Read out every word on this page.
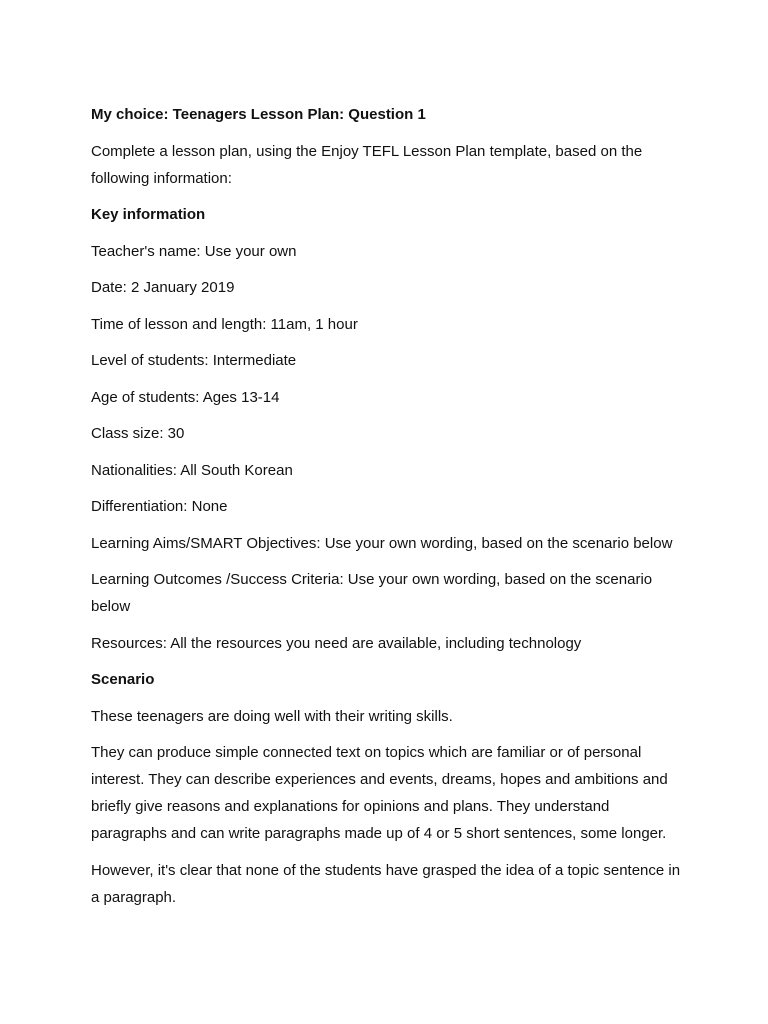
My choice: Teenagers Lesson Plan: Question 1

Complete a lesson plan, using the Enjoy TEFL Lesson Plan template, based on the following information:

Key information

Teacher's name: Use your own

Date: 2 January 2019

Time of lesson and length: 11am, 1 hour

Level of students: Intermediate

Age of students: Ages 13-14

Class size: 30

Nationalities: All South Korean

Differentiation: None

Learning Aims/SMART Objectives: Use your own wording, based on the scenario below

Learning Outcomes /Success Criteria: Use your own wording, based on the scenario below

Resources: All the resources you need are available, including technology

Scenario

These teenagers are doing well with their writing skills.

They can produce simple connected text on topics which are familiar or of personal interest. They can describe experiences and events, dreams, hopes and ambitions and briefly give reasons and explanations for opinions and plans. They understand paragraphs and can write paragraphs made up of 4 or 5 short sentences, some longer.

However, it's clear that none of the students have grasped the idea of a topic sentence in a paragraph.
